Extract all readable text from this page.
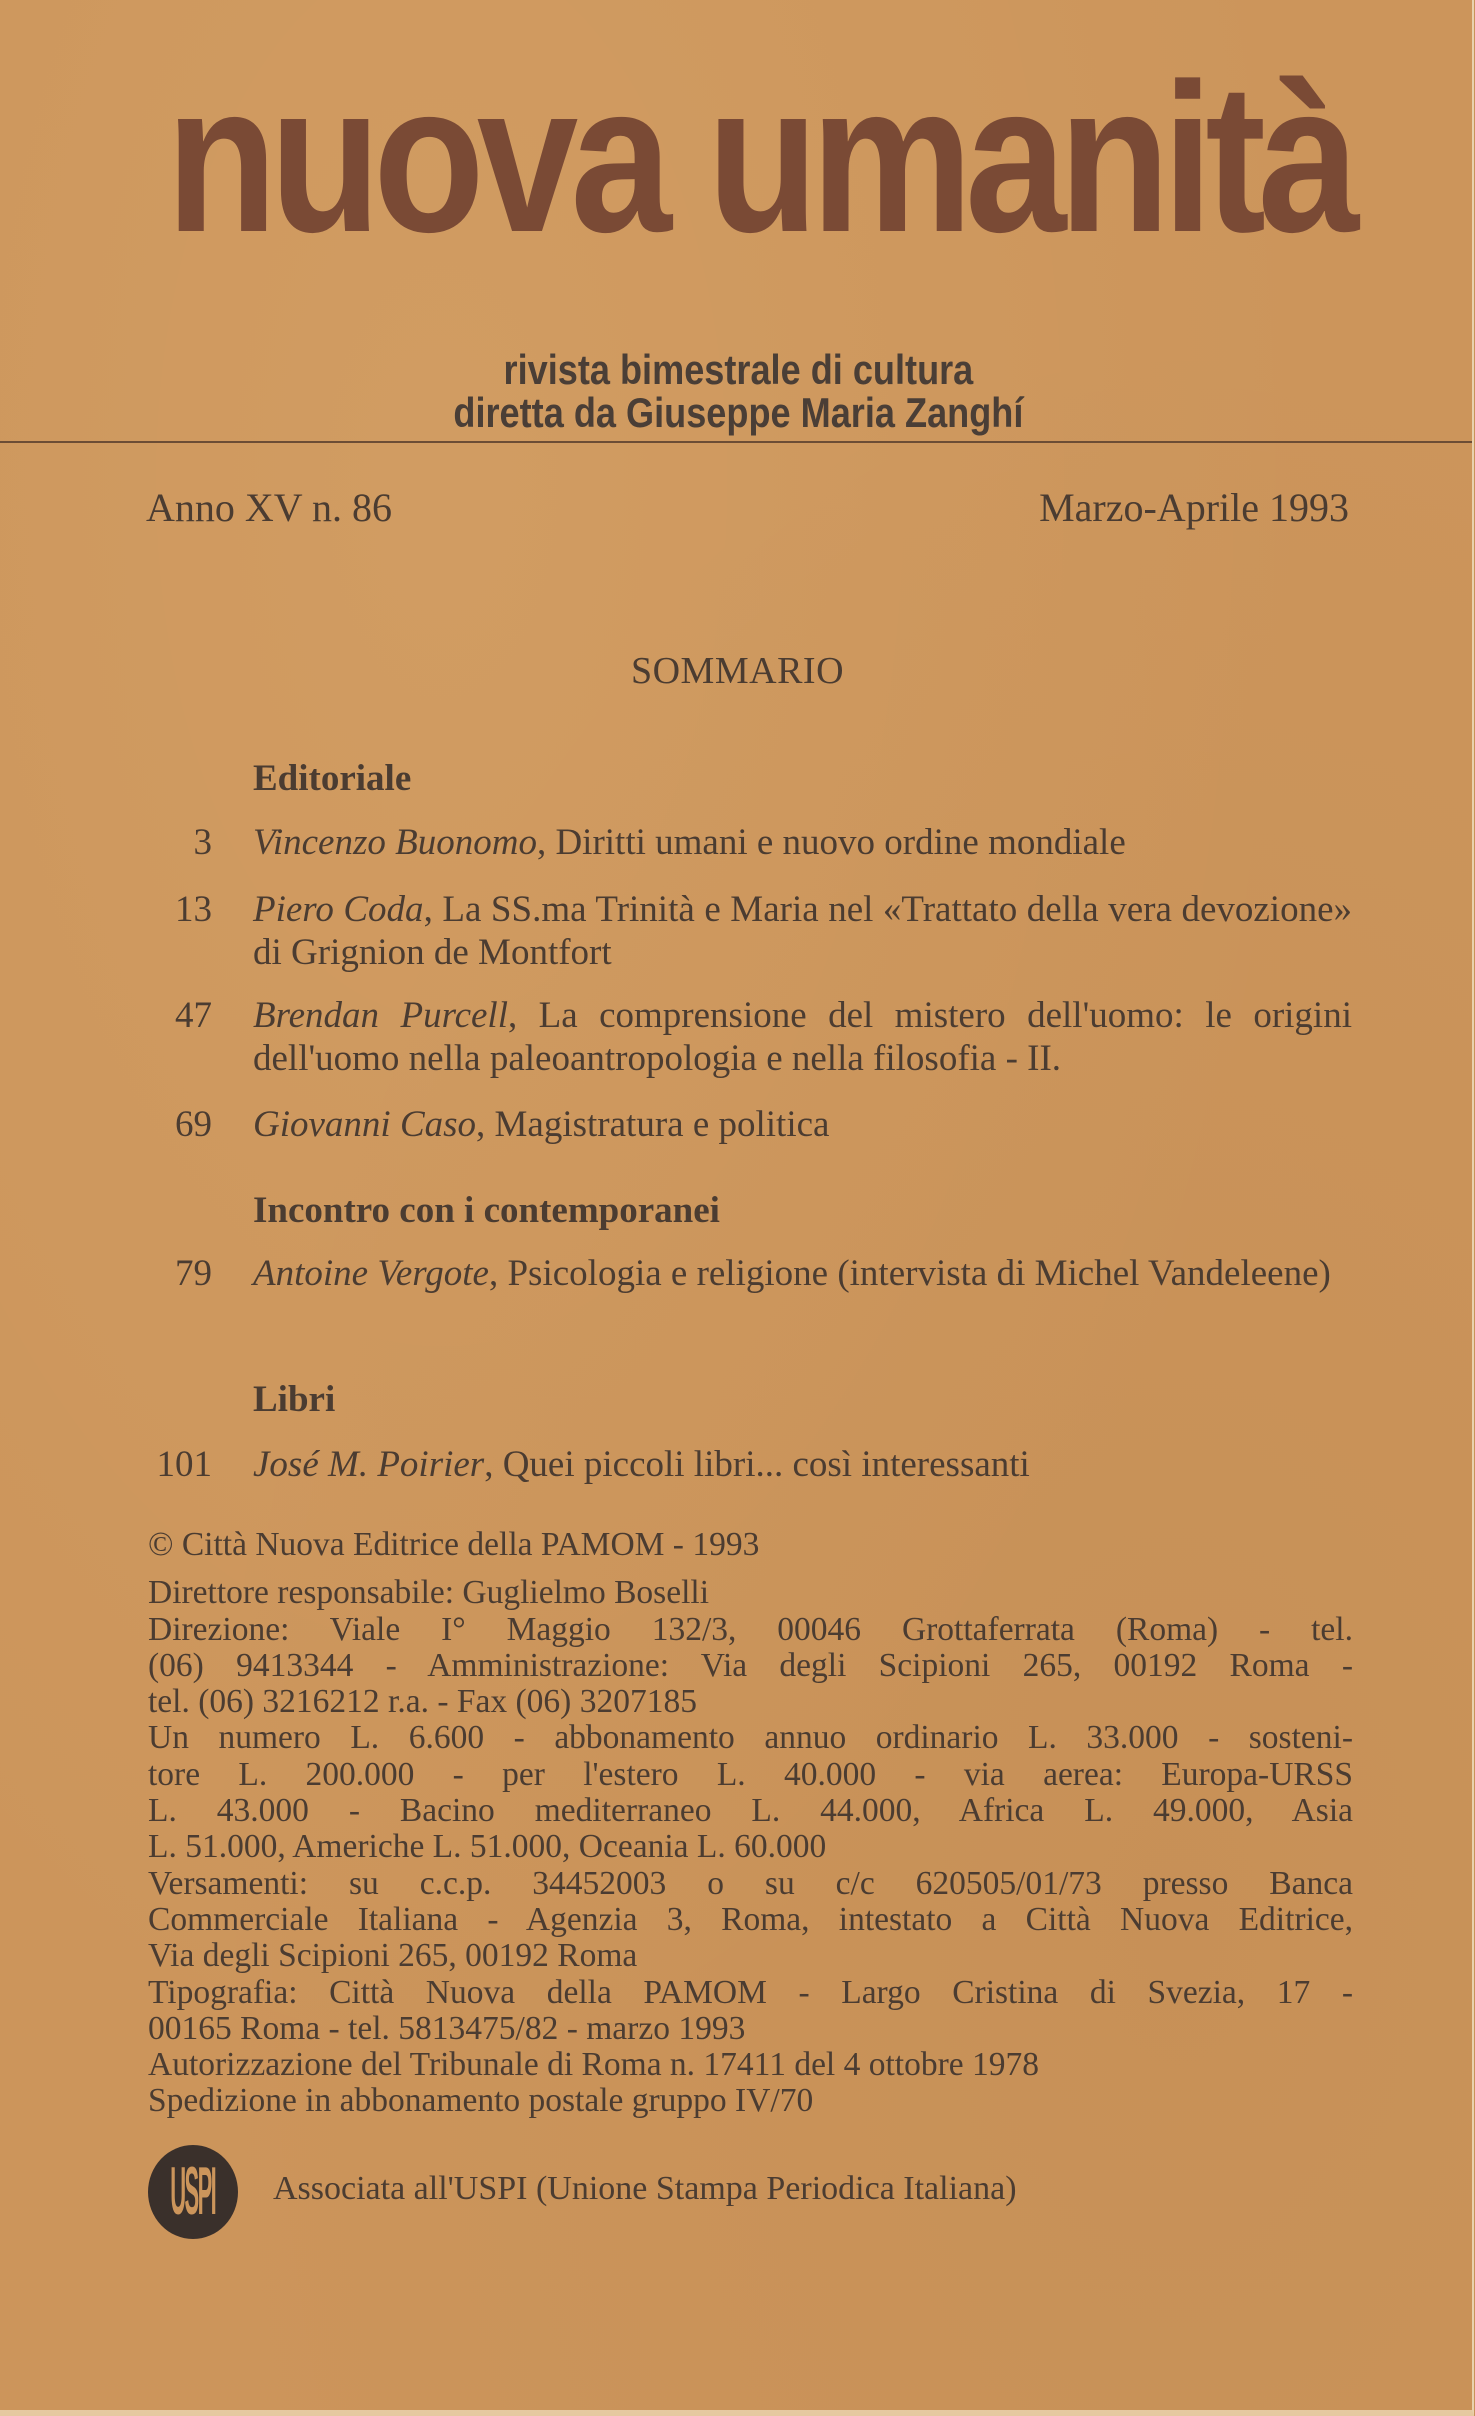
nuova umanità
rivista bimestrale di cultura
diretta da Giuseppe Maria Zanghí
Anno XV n. 86	Marzo-Aprile 1993
SOMMARIO
Editoriale
3 Vincenzo Buonomo, Diritti umani e nuovo ordine mondiale
13 Piero Coda, La SS.ma Trinità e Maria nel «Trattato della vera devozione» di Grignion de Montfort
47 Brendan Purcell, La comprensione del mistero dell'uomo: le origini dell'uomo nella paleoantropologia e nella filosofia - II.
69 Giovanni Caso, Magistratura e politica
Incontro con i contemporanei
79 Antoine Vergote, Psicologia e religione (intervista di Michel Vandeleene)
Libri
101 José M. Poirier, Quei piccoli libri... così interessanti
© Città Nuova Editrice della PAMOM - 1993
Direttore responsabile: Guglielmo Boselli
Direzione: Viale I° Maggio 132/3, 00046 Grottaferrata (Roma) - tel.
(06) 9413344 - Amministrazione: Via degli Scipioni 265, 00192 Roma -
tel. (06) 3216212 r.a. - Fax (06) 3207185
Un numero L. 6.600 - abbonamento annuo ordinario L. 33.000 - sosteni-
tore L. 200.000 - per l'estero L. 40.000 - via aerea: Europa-URSS
L. 43.000 - Bacino mediterraneo L. 44.000, Africa L. 49.000, Asia
L. 51.000, Americhe L. 51.000, Oceania L. 60.000
Versamenti: su c.c.p. 34452003 o su c/c 620505/01/73 presso Banca
Commerciale Italiana - Agenzia 3, Roma, intestato a Città Nuova Editrice,
Via degli Scipioni 265, 00192 Roma
Tipografia: Città Nuova della PAMOM - Largo Cristina di Svezia, 17 -
00165 Roma - tel. 5813475/82 - marzo 1993
Autorizzazione del Tribunale di Roma n. 17411 del 4 ottobre 1978
Spedizione in abbonamento postale gruppo IV/70
USPI Associata all'USPI (Unione Stampa Periodica Italiana)
